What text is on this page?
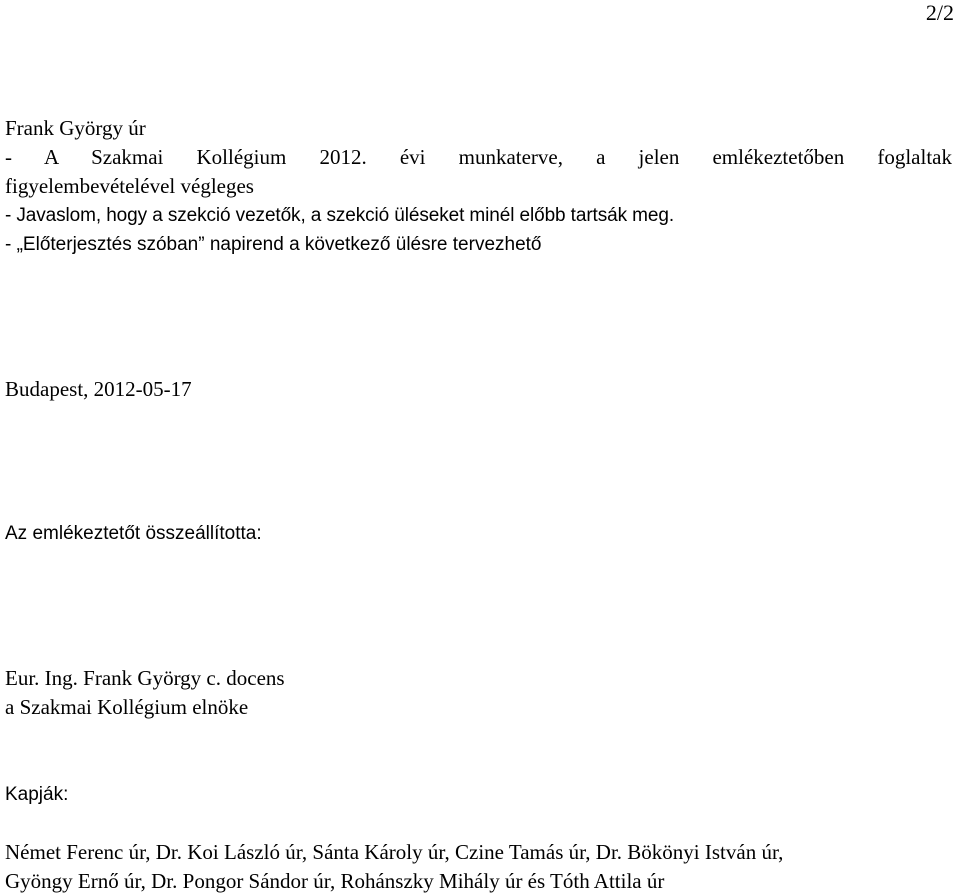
2/2
Frank György úr
- A Szakmai Kollégium 2012. évi munkaterve, a jelen emlékeztetőben foglaltak
figyelembevételével végleges
- Javaslom, hogy a szekció vezetők, a szekció üléseket minél előbb tartsák meg.
- „Előterjesztés szóban” napirend a következő ülésre tervezhető
Budapest, 2012-05-17
Az emlékeztetőt összeállította:
Eur. Ing. Frank György c. docens
a Szakmai Kollégium elnöke
Kapják:
Német Ferenc úr, Dr. Koi László úr, Sánta Károly úr, Czine Tamás úr, Dr. Bökönyi István úr,
Gyöngy Ernő úr, Dr. Pongor Sándor úr, Rohánszky Mihály úr és Tóth Attila úr
